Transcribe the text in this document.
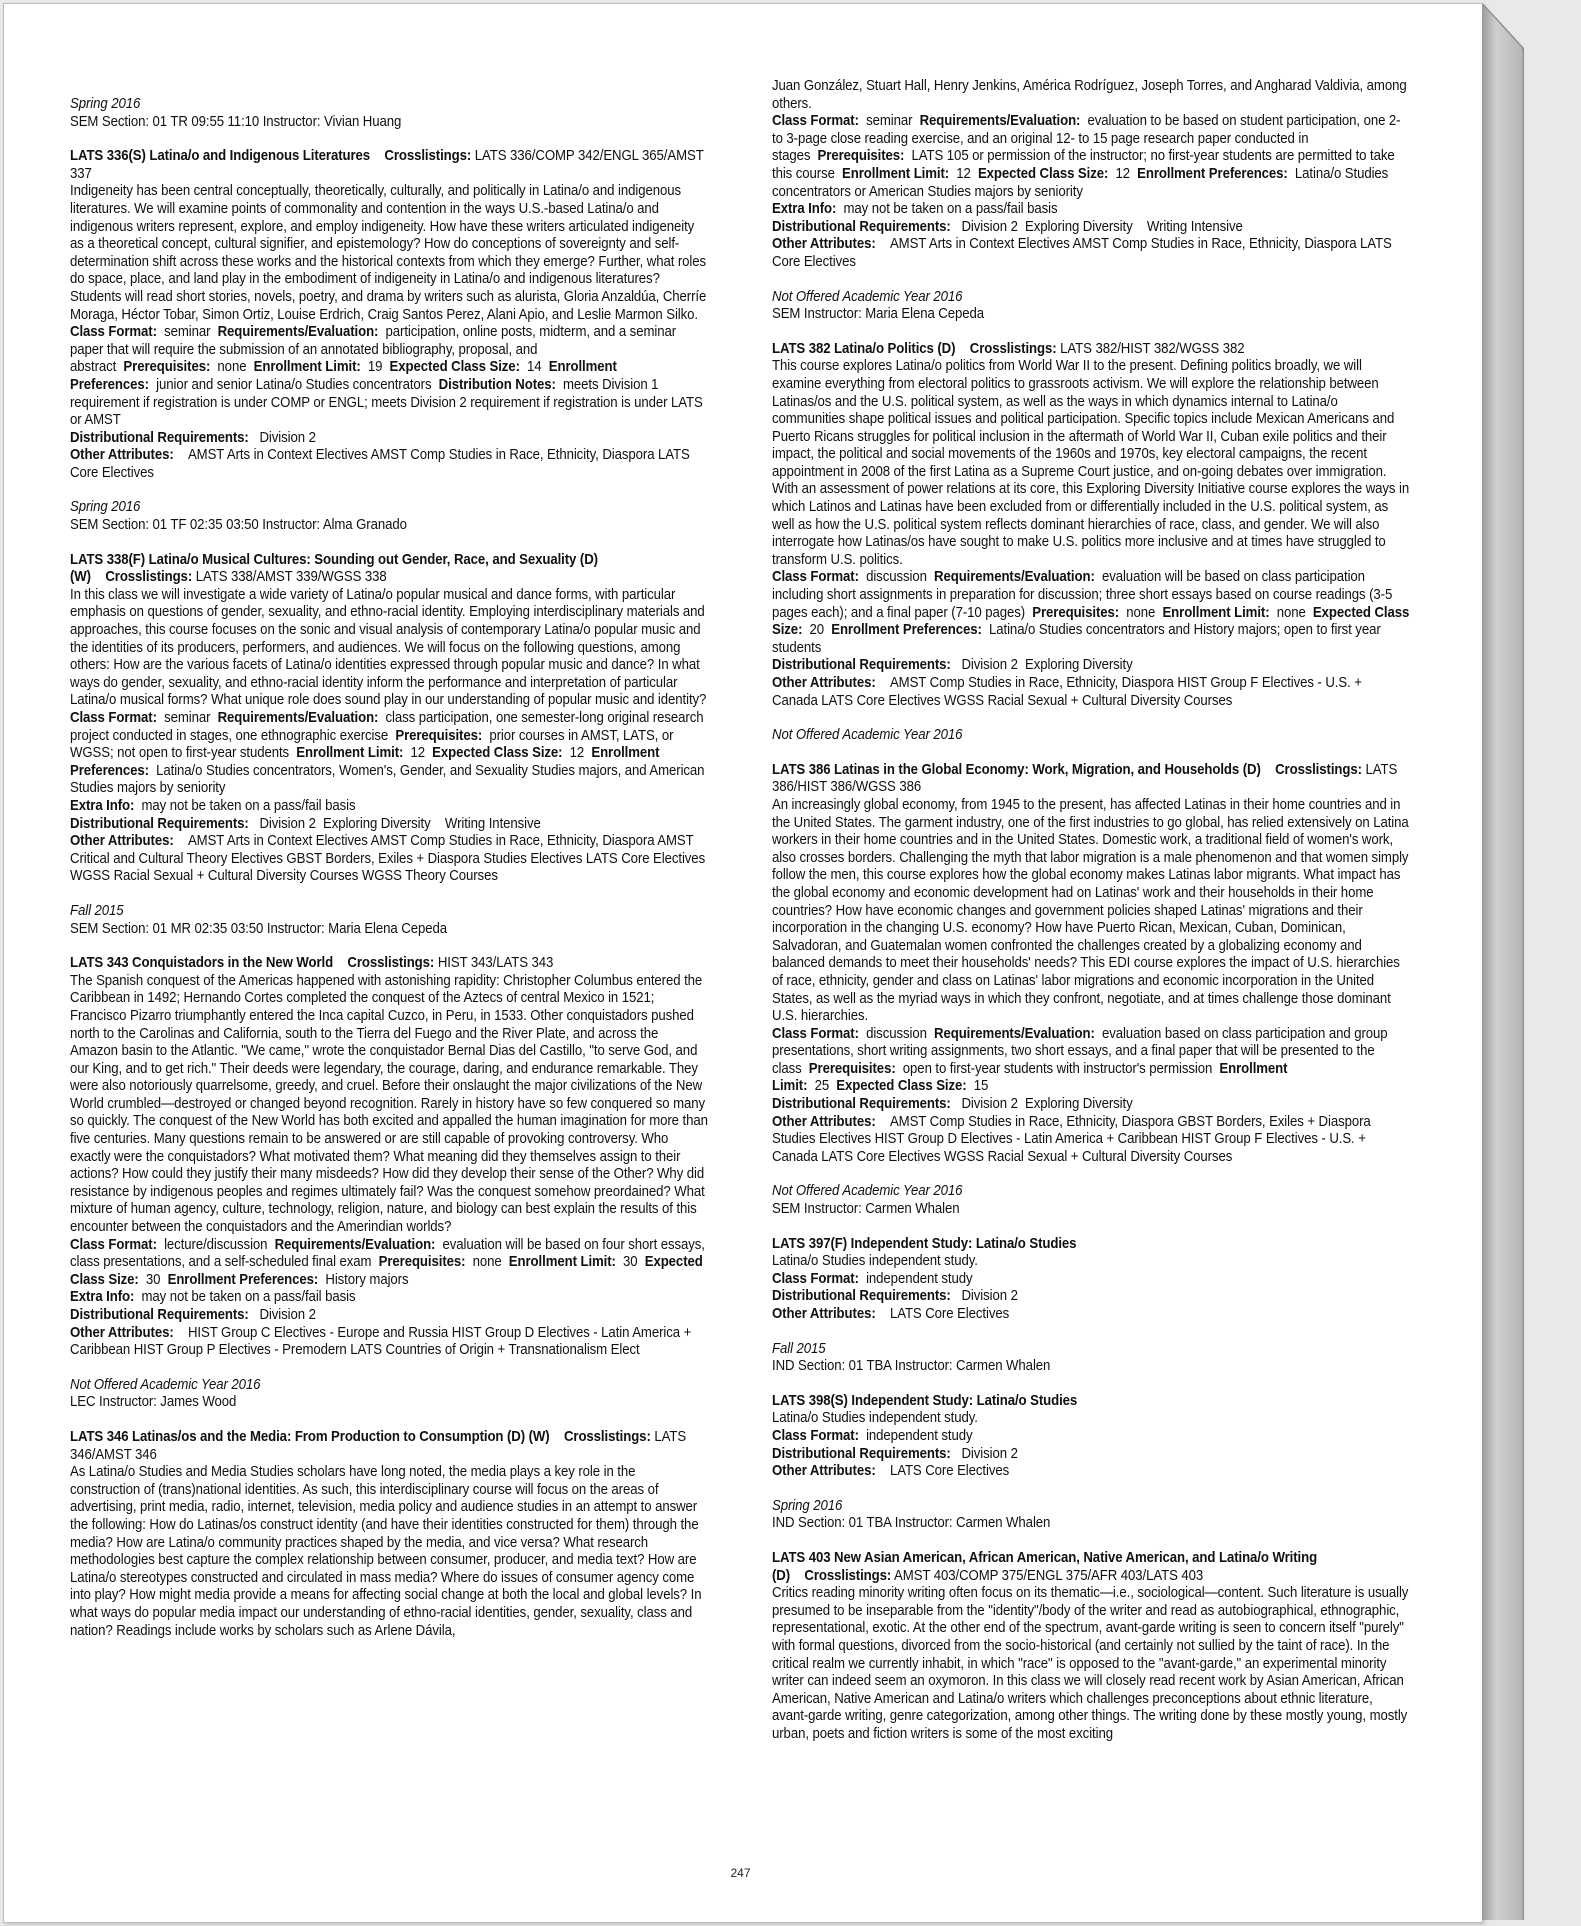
Spring 2016
SEM Section: 01 TR 09:55 11:10 Instructor: Vivian Huang

LATS 336(S) Latina/o and Indigenous Literatures Crosslistings: LATS 336/COMP 342/ENGL 365/AMST 337
Indigeneity has been central conceptually, theoretically, culturally, and politically in Latina/o and indigenous literatures. We will examine points of commonality and contention in the ways U.S.-based Latina/o and indigenous writers represent, explore, and employ indigeneity. How have these writers articulated indigeneity as a theoretical concept, cultural signifier, and epistemology? How do conceptions of sovereignty and self-determination shift across these works and the historical contexts from which they emerge? Further, what roles do space, place, and land play in the embodiment of indigeneity in Latina/o and indigenous literatures? Students will read short stories, novels, poetry, and drama by writers such as alurista, Gloria Anzaldúa, Cherríe Moraga, Héctor Tobar, Simon Ortiz, Louise Erdrich, Craig Santos Perez, Alani Apio, and Leslie Marmon Silko.
Class Format: seminar Requirements/Evaluation: participation, online posts, midterm, and a seminar paper that will require the submission of an annotated bibliography, proposal, and abstract Prerequisites: none Enrollment Limit: 19 Expected Class Size: 14 Enrollment Preferences: junior and senior Latina/o Studies concentrators Distribution Notes: meets Division 1 requirement if registration is under COMP or ENGL; meets Division 2 requirement if registration is under LATS or AMST
Distributional Requirements: Division 2
Other Attributes: AMST Arts in Context Electives AMST Comp Studies in Race, Ethnicity, Diaspora LATS Core Electives

Spring 2016
SEM Section: 01 TF 02:35 03:50 Instructor: Alma Granado

LATS 338(F) Latina/o Musical Cultures: Sounding out Gender, Race, and Sexuality (D) (W) Crosslistings: LATS 338/AMST 339/WGSS 338
In this class we will investigate a wide variety of Latina/o popular musical and dance forms, with particular emphasis on questions of gender, sexuality, and ethno-racial identity. Employing interdisciplinary materials and approaches, this course focuses on the sonic and visual analysis of contemporary Latina/o popular music and the identities of its producers, performers, and audiences. We will focus on the following questions, among others: How are the various facets of Latina/o identities expressed through popular music and dance? In what ways do gender, sexuality, and ethno-racial identity inform the performance and interpretation of particular Latina/o musical forms? What unique role does sound play in our understanding of popular music and identity?
Class Format: seminar Requirements/Evaluation: class participation, one semester-long original research project conducted in stages, one ethnographic exercise Prerequisites: prior courses in AMST, LATS, or WGSS; not open to first-year students Enrollment Limit: 12 Expected Class Size: 12 Enrollment Preferences: Latina/o Studies concentrators, Women's, Gender, and Sexuality Studies majors, and American Studies majors by seniority
Extra Info: may not be taken on a pass/fail basis
Distributional Requirements: Division 2  Exploring Diversity    Writing Intensive
Other Attributes: AMST Arts in Context Electives AMST Comp Studies in Race, Ethnicity, Diaspora AMST Critical and Cultural Theory Electives GBST Borders, Exiles + Diaspora Studies Electives LATS Core Electives WGSS Racial Sexual + Cultural Diversity Courses WGSS Theory Courses

Fall 2015
SEM Section: 01 MR 02:35 03:50 Instructor: Maria Elena Cepeda

LATS 343 Conquistadors in the New World Crosslistings: HIST 343/LATS 343
The Spanish conquest of the Americas happened with astonishing rapidity: Christopher Columbus entered the Caribbean in 1492; Hernando Cortes completed the conquest of the Aztecs of central Mexico in 1521; Francisco Pizarro triumphantly entered the Inca capital Cuzco, in Peru, in 1533. Other conquistadors pushed north to the Carolinas and California, south to the Tierra del Fuego and the River Plate, and across the Amazon basin to the Atlantic. "We came," wrote the conquistador Bernal Dias del Castillo, "to serve God, and our King, and to get rich." Their deeds were legendary, the courage, daring, and endurance remarkable. They were also notoriously quarrelsome, greedy, and cruel. Before their onslaught the major civilizations of the New World crumbled—destroyed or changed beyond recognition. Rarely in history have so few conquered so many so quickly. The conquest of the New World has both excited and appalled the human imagination for more than five centuries. Many questions remain to be answered or are still capable of provoking controversy. Who exactly were the conquistadors? What motivated them? What meaning did they themselves assign to their actions? How could they justify their many misdeeds? How did they develop their sense of the Other? Why did resistance by indigenous peoples and regimes ultimately fail? Was the conquest somehow preordained? What mixture of human agency, culture, technology, religion, nature, and biology can best explain the results of this encounter between the conquistadors and the Amerindian worlds?
Class Format: lecture/discussion Requirements/Evaluation: evaluation will be based on four short essays, class presentations, and a self-scheduled final exam Prerequisites: none Enrollment Limit: 30 Expected Class Size: 30 Enrollment Preferences: History majors
Extra Info: may not be taken on a pass/fail basis
Distributional Requirements: Division 2
Other Attributes: HIST Group C Electives - Europe and Russia HIST Group D Electives - Latin America + Caribbean HIST Group P Electives - Premodern LATS Countries of Origin + Transnationalism Elect

Not Offered Academic Year 2016
LEC Instructor: James Wood

LATS 346 Latinas/os and the Media: From Production to Consumption (D) (W) Crosslistings: LATS 346/AMST 346
As Latina/o Studies and Media Studies scholars have long noted, the media plays a key role in the construction of (trans)national identities. As such, this interdisciplinary course will focus on the areas of advertising, print media, radio, internet, television, media policy and audience studies in an attempt to answer the following: How do Latinas/os construct identity (and have their identities constructed for them) through the media? How are Latina/o community practices shaped by the media, and vice versa? What research methodologies best capture the complex relationship between consumer, producer, and media text? How are Latina/o stereotypes constructed and circulated in mass media? Where do issues of consumer agency come into play? How might media provide a means for affecting social change at both the local and global levels? In what ways do popular media impact our understanding of ethno-racial identities, gender, sexuality, class and nation? Readings include works by scholars such as Arlene Dávila,

Juan González, Stuart Hall, Henry Jenkins, América Rodríguez, Joseph Torres, and Angharad Valdivia, among others.
Class Format: seminar Requirements/Evaluation: evaluation to be based on student participation, one 2- to 3-page close reading exercise, and an original 12- to 15 page research paper conducted in stages Prerequisites: LATS 105 or permission of the instructor; no first-year students are permitted to take this course Enrollment Limit: 12 Expected Class Size: 12 Enrollment Preferences: Latina/o Studies concentrators or American Studies majors by seniority
Extra Info: may not be taken on a pass/fail basis
Distributional Requirements: Division 2  Exploring Diversity    Writing Intensive
Other Attributes: AMST Arts in Context Electives AMST Comp Studies in Race, Ethnicity, Diaspora LATS Core Electives

Not Offered Academic Year 2016
SEM Instructor: Maria Elena Cepeda

LATS 382 Latina/o Politics (D) Crosslistings: LATS 382/HIST 382/WGSS 382
This course explores Latina/o politics from World War II to the present. Defining politics broadly, we will examine everything from electoral politics to grassroots activism. We will explore the relationship between Latinas/os and the U.S. political system, as well as the ways in which dynamics internal to Latina/o communities shape political issues and political participation. Specific topics include Mexican Americans and Puerto Ricans struggles for political inclusion in the aftermath of World War II, Cuban exile politics and their impact, the political and social movements of the 1960s and 1970s, key electoral campaigns, the recent appointment in 2008 of the first Latina as a Supreme Court justice, and on-going debates over immigration. With an assessment of power relations at its core, this Exploring Diversity Initiative course explores the ways in which Latinos and Latinas have been excluded from or differentially included in the U.S. political system, as well as how the U.S. political system reflects dominant hierarchies of race, class, and gender. We will also interrogate how Latinas/os have sought to make U.S. politics more inclusive and at times have struggled to transform U.S. politics.
Class Format: discussion Requirements/Evaluation: evaluation will be based on class participation including short assignments in preparation for discussion; three short essays based on course readings (3-5 pages each); and a final paper (7-10 pages) Prerequisites: none Enrollment Limit: none Expected Class Size: 20 Enrollment Preferences: Latina/o Studies concentrators and History majors; open to first year students
Distributional Requirements: Division 2  Exploring Diversity
Other Attributes: AMST Comp Studies in Race, Ethnicity, Diaspora HIST Group F Electives - U.S. + Canada LATS Core Electives WGSS Racial Sexual + Cultural Diversity Courses

Not Offered Academic Year 2016

LATS 386 Latinas in the Global Economy: Work, Migration, and Households (D) Crosslistings: LATS 386/HIST 386/WGSS 386
An increasingly global economy, from 1945 to the present, has affected Latinas in their home countries and in the United States. The garment industry, one of the first industries to go global, has relied extensively on Latina workers in their home countries and in the United States. Domestic work, a traditional field of women's work, also crosses borders. Challenging the myth that labor migration is a male phenomenon and that women simply follow the men, this course explores how the global economy makes Latinas labor migrants. What impact has the global economy and economic development had on Latinas' work and their households in their home countries? How have economic changes and government policies shaped Latinas' migrations and their incorporation in the changing U.S. economy? How have Puerto Rican, Mexican, Cuban, Dominican, Salvadoran, and Guatemalan women confronted the challenges created by a globalizing economy and balanced demands to meet their households' needs? This EDI course explores the impact of U.S. hierarchies of race, ethnicity, gender and class on Latinas' labor migrations and economic incorporation in the United States, as well as the myriad ways in which they confront, negotiate, and at times challenge those dominant U.S. hierarchies.
Class Format: discussion Requirements/Evaluation: evaluation based on class participation and group presentations, short writing assignments, two short essays, and a final paper that will be presented to the class Prerequisites: open to first-year students with instructor's permission Enrollment Limit: 25 Expected Class Size: 15
Distributional Requirements: Division 2  Exploring Diversity
Other Attributes: AMST Comp Studies in Race, Ethnicity, Diaspora GBST Borders, Exiles + Diaspora Studies Electives HIST Group D Electives - Latin America + Caribbean HIST Group F Electives - U.S. + Canada LATS Core Electives WGSS Racial Sexual + Cultural Diversity Courses

Not Offered Academic Year 2016
SEM Instructor: Carmen Whalen

LATS 397(F) Independent Study: Latina/o Studies
Latina/o Studies independent study.
Class Format: independent study
Distributional Requirements: Division 2
Other Attributes: LATS Core Electives

Fall 2015
IND Section: 01 TBA Instructor: Carmen Whalen

LATS 398(S) Independent Study: Latina/o Studies
Latina/o Studies independent study.
Class Format: independent study
Distributional Requirements: Division 2
Other Attributes: LATS Core Electives

Spring 2016
IND Section: 01 TBA Instructor: Carmen Whalen

LATS 403 New Asian American, African American, Native American, and Latina/o Writing (D) Crosslistings: AMST 403/COMP 375/ENGL 375/AFR 403/LATS 403
Critics reading minority writing often focus on its thematic—i.e., sociological—content. Such literature is usually presumed to be inseparable from the "identity"/body of the writer and read as autobiographical, ethnographic, representational, exotic. At the other end of the spectrum, avant-garde writing is seen to concern itself "purely" with formal questions, divorced from the socio-historical (and certainly not sullied by the taint of race). In the critical realm we currently inhabit, in which "race" is opposed to the "avant-garde," an experimental minority writer can indeed seem an oxymoron. In this class we will closely read recent work by Asian American, African American, Native American and Latina/o writers which challenges preconceptions about ethnic literature, avant-garde writing, genre categorization, among other things. The writing done by these mostly young, mostly urban, poets and fiction writers is some of the most exciting

247
